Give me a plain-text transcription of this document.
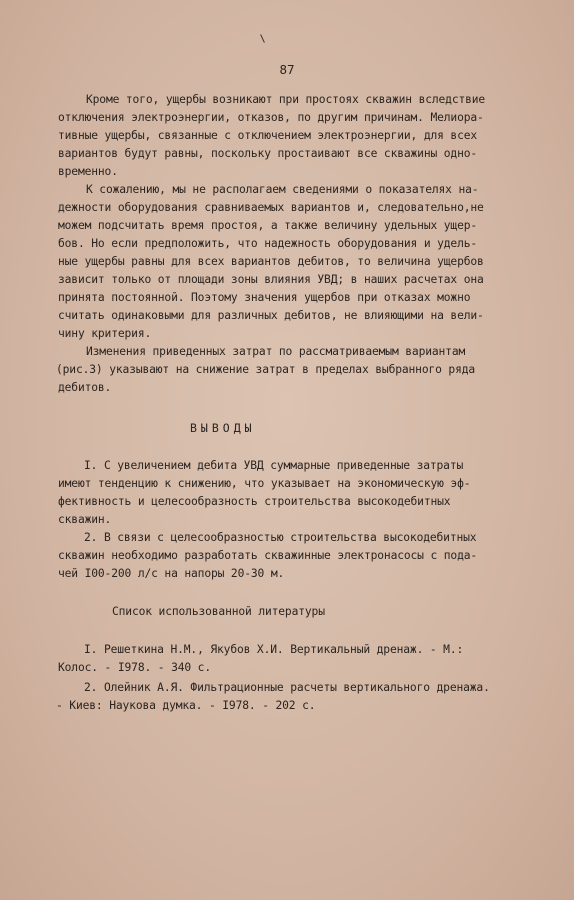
87
Кроме того, ущербы возникают при простоях скважин вследствие
отключения электроэнергии, отказов, по другим причинам. Мелиора-
тивные ущербы, связанные с отключением электроэнергии, для всех
вариантов будут равны, поскольку простаивают все скважины одно-
временно.
К сожалению, мы не располагаем сведениями о показателях на-
дежности оборудования сравниваемых вариантов и, следовательно,не
можем подсчитать время простоя, а также величину удельных ущер-
бов. Но если предположить, что надежность оборудования и удель-
ные ущербы равны для всех вариантов дебитов, то величина ущербов
зависит только от площади зоны влияния УВД; в наших расчетах она
принята постоянной. Поэтому значения ущербов при отказах можно
считать одинаковыми для различных дебитов, не влияющими на вели-
чину критерия.
Изменения приведенных затрат по рассматриваемым вариантам
(рис.3) указывают на снижение затрат в пределах выбранного ряда
дебитов.
ВЫВОДЫ
I. С увеличением дебита УВД суммарные приведенные затраты
имеют тенденцию к снижению, что указывает на экономическую эф-
фективность и целесообразность строительства высокодебитных
скважин.
2. В связи с целесообразностью строительства высокодебитных
скважин необходимо разработать скважинные электронасосы с пода-
чей I00-200 л/с на напоры 20-30 м.
Список использованной литературы
I. Решеткина Н.М., Якубов Х.И. Вертикальный дренаж. - М.:
Колос. - I978. - 340 с.
2. Олейник А.Я. Фильтрационные расчеты вертикального дренажа.
- Киев: Наукова думка. - I978. - 202 с.
